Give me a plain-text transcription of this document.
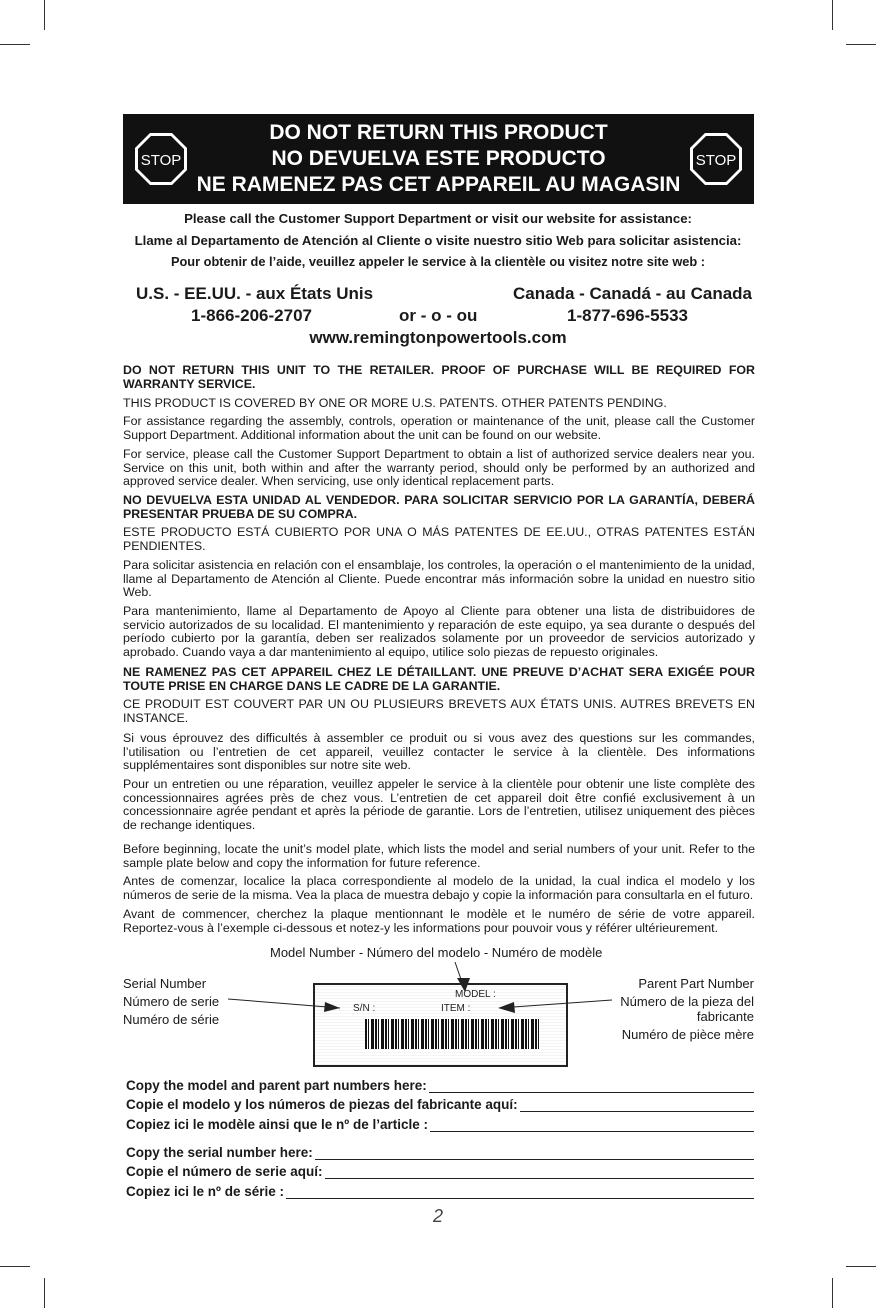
STOP
DO NOT RETURN THIS PRODUCT
NO DEVUELVA ESTE PRODUCTO
NE RAMENEZ PAS CET APPAREIL AU MAGASIN
STOP
Please call the Customer Support Department or visit our website for assistance:
Llame al Departamento de Atención al Cliente o visite nuestro sitio Web para solicitar asistencia:
Pour obtenir de l’aide, veuillez appeler le service à la clientèle ou visitez notre site web :
U.S. - EE.UU. - aux États Unis	Canada - Canadá - au Canada
1-866-206-2707	or - o - ou	1-877-696-5533
www.remingtonpowertools.com

DO NOT RETURN THIS UNIT TO THE RETAILER. PROOF OF PURCHASE WILL BE REQUIRED FOR WARRANTY SERVICE.

THIS PRODUCT IS COVERED BY ONE OR MORE U.S. PATENTS. OTHER PATENTS PENDING.

For assistance regarding the assembly, controls, operation or maintenance of the unit, please call the Customer Support Department. Additional information about the unit can be found on our website.

For service, please call the Customer Support Department to obtain a list of authorized service dealers near you. Service on this unit, both within and after the warranty period, should only be performed by an authorized and approved service dealer. When servicing, use only identical replacement parts.

NO DEVUELVA ESTA UNIDAD AL VENDEDOR. PARA SOLICITAR SERVICIO POR LA GARANTÍA, DEBERÁ PRESENTAR PRUEBA DE SU COMPRA.

ESTE PRODUCTO ESTÁ CUBIERTO POR UNA O MÁS PATENTES DE EE.UU., OTRAS PATENTES ESTÁN PENDIENTES.

Para solicitar asistencia en relación con el ensamblaje, los controles, la operación o el mantenimiento de la unidad, llame al Departamento de Atención al Cliente. Puede encontrar más información sobre la unidad en nuestro sitio Web.

Para mantenimiento, llame al Departamento de Apoyo al Cliente para obtener una lista de distribuidores de servicio autorizados de su localidad. El mantenimiento y reparación de este equipo, ya sea durante o después del período cubierto por la garantía, deben ser realizados solamente por un proveedor de servicios autorizado y aprobado. Cuando vaya a dar mantenimiento al equipo, utilice solo piezas de repuesto originales.

NE RAMENEZ PAS CET APPAREIL CHEZ LE DÉTAILLANT. UNE PREUVE D’ACHAT SERA EXIGÉE POUR TOUTE PRISE EN CHARGE DANS LE CADRE DE LA GARANTIE.

CE PRODUIT EST COUVERT PAR UN OU PLUSIEURS BREVETS AUX ÉTATS UNIS. AUTRES BREVETS EN INSTANCE.

Si vous éprouvez des difficultés à assembler ce produit ou si vous avez des questions sur les commandes, l’utilisation ou l’entretien de cet appareil, veuillez contacter le service à la clientèle. Des informations supplémentaires sont disponibles sur notre site web.

Pour un entretien ou une réparation, veuillez appeler le service à la clientèle pour obtenir une liste complète des concessionnaires agrées près de chez vous. L’entretien de cet appareil doit être confié exclusivement à un concessionnaire agrée pendant et après la période de garantie. Lors de l’entretien, utilisez uniquement des pièces de rechange identiques.

Before beginning, locate the unit’s model plate, which lists the model and serial numbers of your unit. Refer to the sample plate below and copy the information for future reference.

Antes de comenzar, localice la placa correspondiente al modelo de la unidad, la cual indica el modelo y los números de serie de la misma. Vea la placa de muestra debajo y copie la información para consultarla en el futuro.

Avant de commencer, cherchez la plaque mentionnant le modèle et le numéro de série de votre appareil. Reportez-vous à l’exemple ci-dessous et notez-y les informations pour pouvoir vous y référer ultérieurement.

Model Number - Número del modelo - Numéro de modèle
Serial Number
Número de serie
Numéro de série
Parent Part Number
Número de la pieza del
fabricante
Numéro de pièce mère
MODEL :
S/N :	ITEM :
Copy the model and parent part numbers here:
Copie el modelo y los números de piezas del fabricante aquí:
Copiez ici le modèle ainsi que le nº de l’article :
Copy the serial number here:
Copie el número de serie aquí:
Copiez ici le nº de série :
2
